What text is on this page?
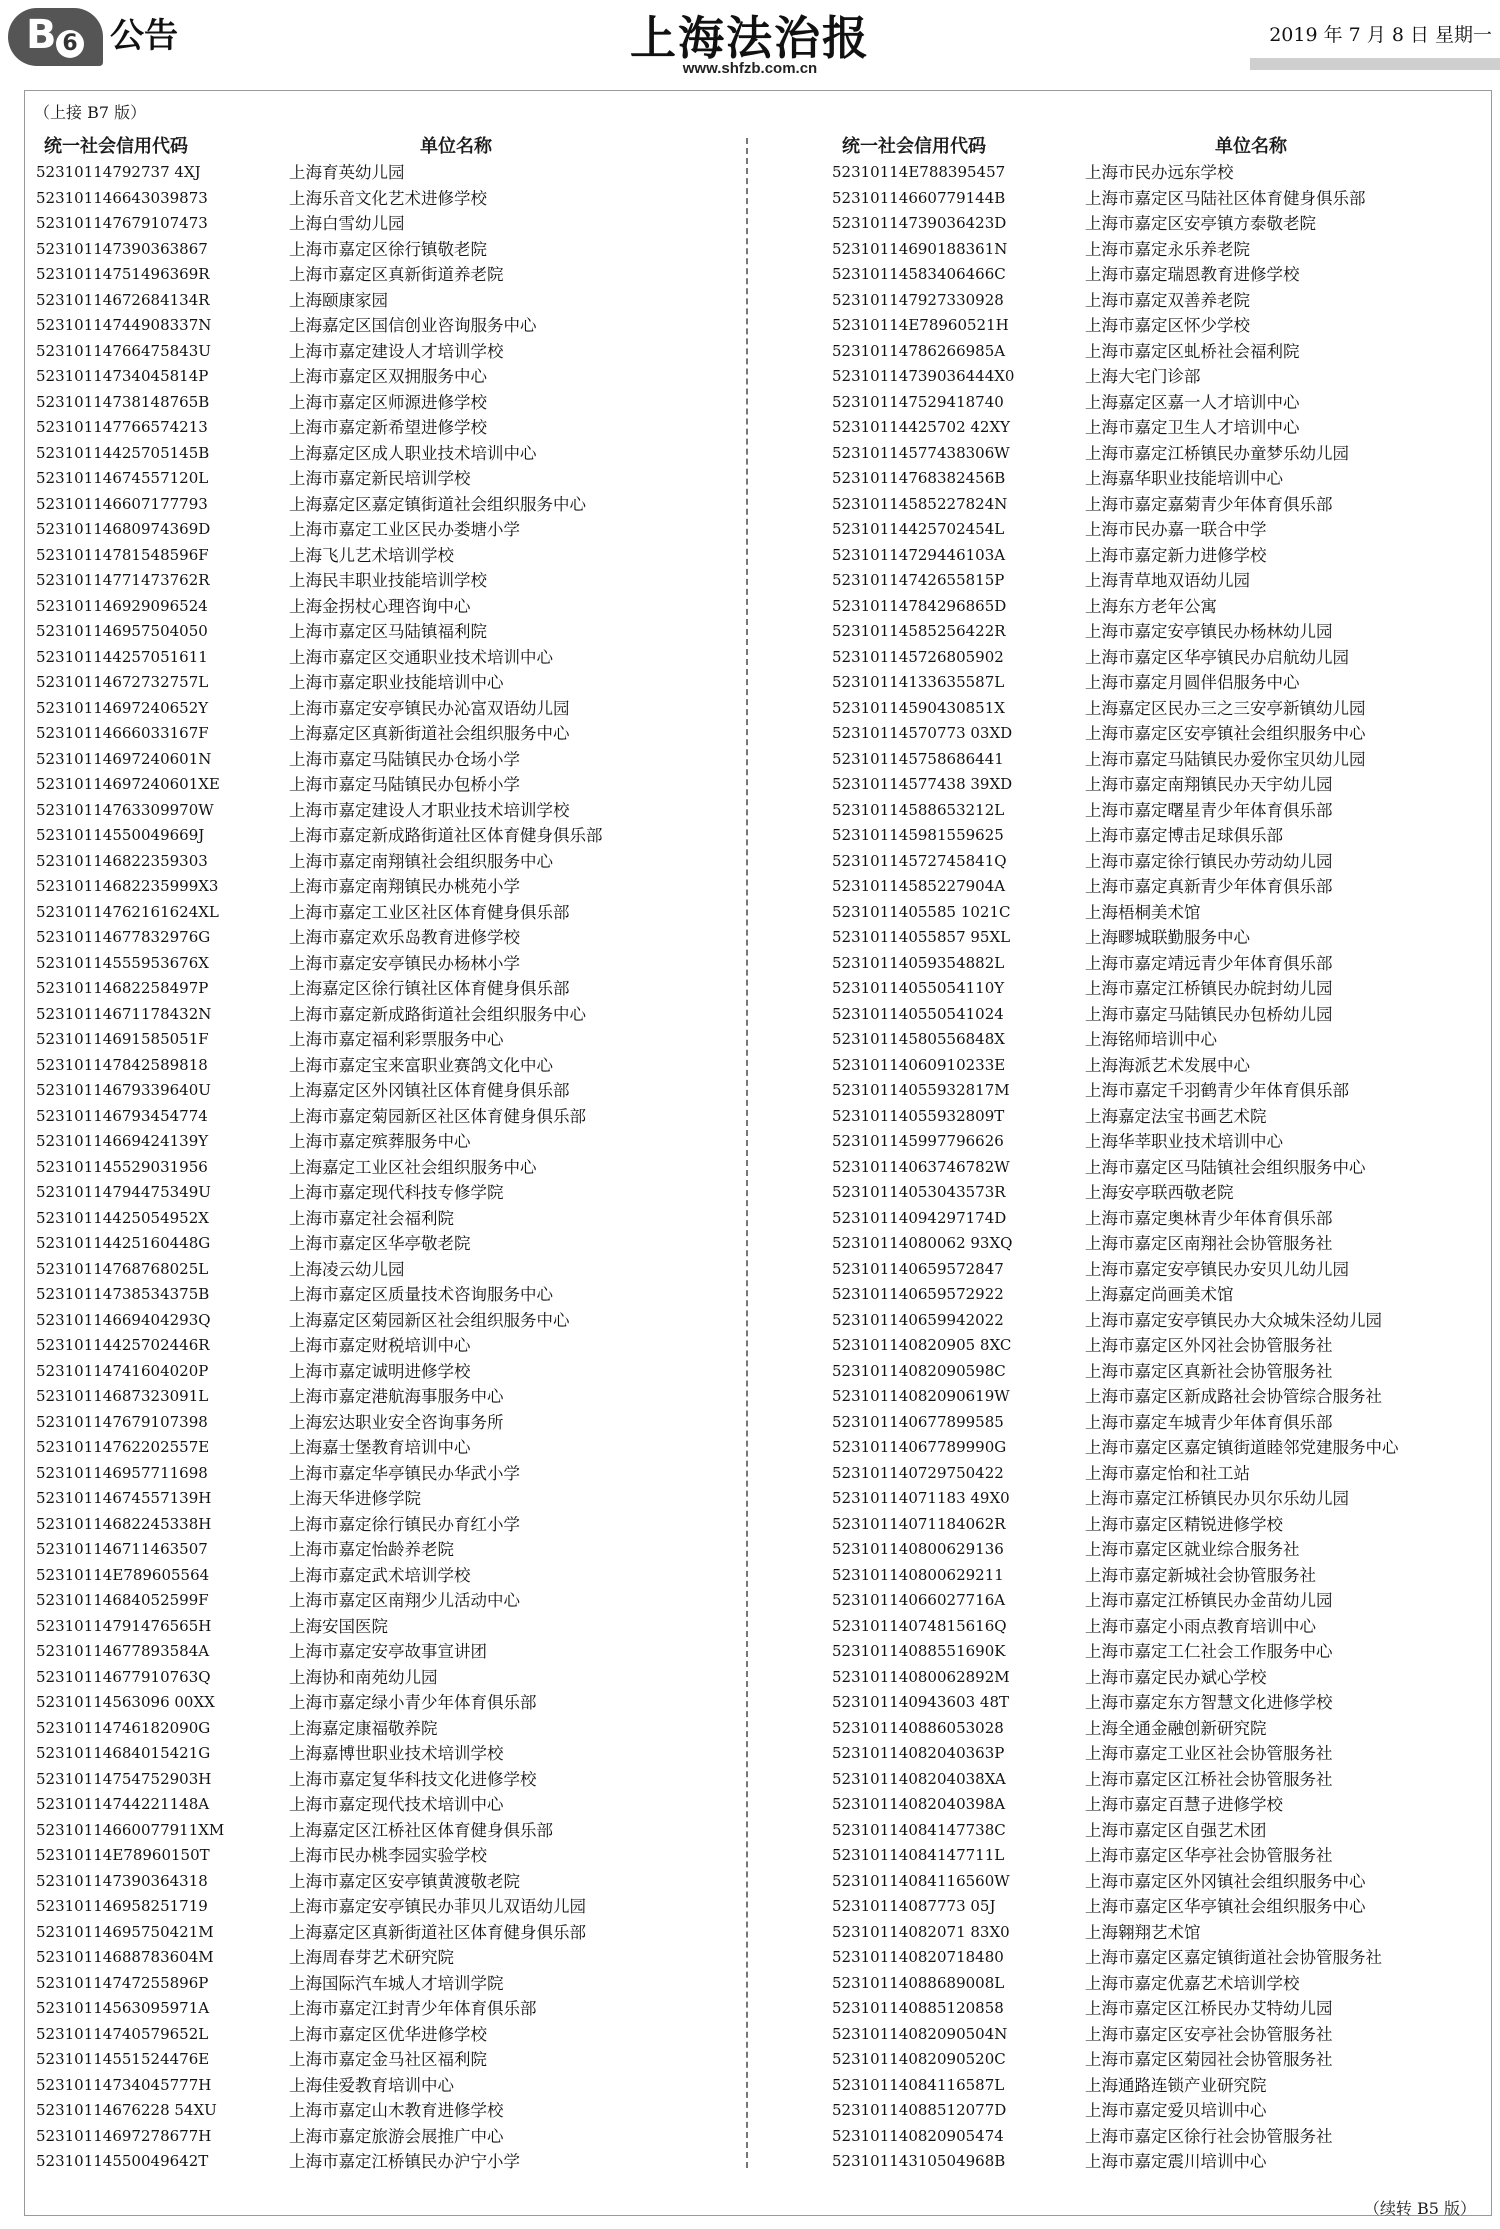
B 6 公告	上海法治报
www.shfzb.com.cn
2019 年 7 月 8 日 星期一
（上接 B7 版）
统一社会信用代码	单位名称	统一社会信用代码	单位名称
52310114792737 4XJ	上海育英幼儿园
523101146643039873	上海乐音文化艺术进修学校
523101147679107473	上海白雪幼儿园
523101147390363867	上海市嘉定区徐行镇敬老院
52310114751496369R	上海市嘉定区真新街道养老院
52310114672684134R	上海颐康家园
52310114744908337N	上海嘉定区国信创业咨询服务中心
52310114766475843U	上海市嘉定建设人才培训学校
52310114734045814P	上海市嘉定区双拥服务中心
52310114738148765B	上海市嘉定区师源进修学校
523101147766574213	上海市嘉定新希望进修学校
52310114425705145B	上海嘉定区成人职业技术培训中心
52310114674557120L	上海市嘉定新民培训学校
523101146607177793	上海嘉定区嘉定镇街道社会组织服务中心
52310114680974369D	上海市嘉定工业区民办娄塘小学
52310114781548596F	上海飞儿艺术培训学校
52310114771473762R	上海民丰职业技能培训学校
523101146929096524	上海金拐杖心理咨询中心
523101146957504050	上海市嘉定区马陆镇福利院
523101144257051611	上海市嘉定区交通职业技术培训中心
52310114672732757L	上海市嘉定职业技能培训中心
52310114697240652Y	上海市嘉定安亭镇民办沁富双语幼儿园
52310114666033167F	上海嘉定区真新街道社会组织服务中心
52310114697240601N	上海市嘉定马陆镇民办仓场小学
52310114697240601XE	上海市嘉定马陆镇民办包桥小学
52310114763309970W	上海市嘉定建设人才职业技术培训学校
52310114550049669J	上海市嘉定新成路街道社区体育健身俱乐部
523101146822359303	上海市嘉定南翔镇社会组织服务中心
52310114682235999X3	上海市嘉定南翔镇民办桃苑小学
52310114762161624XL	上海市嘉定工业区社区体育健身俱乐部
52310114677832976G	上海市嘉定欢乐岛教育进修学校
52310114555953676X	上海市嘉定安亭镇民办杨林小学
52310114682258497P	上海嘉定区徐行镇社区体育健身俱乐部
52310114671178432N	上海市嘉定新成路街道社会组织服务中心
52310114691585051F	上海市嘉定福利彩票服务中心
523101147842589818	上海市嘉定宝来富职业赛鸽文化中心
52310114679339640U	上海嘉定区外冈镇社区体育健身俱乐部
523101146793454774	上海市嘉定菊园新区社区体育健身俱乐部
52310114669424139Y	上海市嘉定殡葬服务中心
523101145529031956	上海嘉定工业区社会组织服务中心
52310114794475349U	上海市嘉定现代科技专修学院
52310114425054952X	上海市嘉定社会福利院
52310114425160448G	上海市嘉定区华亭敬老院
52310114768768025L	上海凌云幼儿园
52310114738534375B	上海市嘉定区质量技术咨询服务中心
52310114669404293Q	上海嘉定区菊园新区社会组织服务中心
52310114425702446R	上海市嘉定财税培训中心
52310114741604020P	上海市嘉定诚明进修学校
52310114687323091L	上海市嘉定港航海事服务中心
523101147679107398	上海宏达职业安全咨询事务所
52310114762202557E	上海嘉士堡教育培训中心
523101146957711698	上海市嘉定华亭镇民办华武小学
52310114674557139H	上海天华进修学院
52310114682245338H	上海市嘉定徐行镇民办育红小学
523101146711463507	上海市嘉定怡龄养老院
52310114E789605564	上海市嘉定武术培训学校
52310114684052599F	上海市嘉定区南翔少儿活动中心
52310114791476565H	上海安国医院
52310114677893584A	上海市嘉定安亭故事宣讲团
52310114677910763Q	上海协和南苑幼儿园
52310114563096 00XX	上海市嘉定绿小青少年体育俱乐部
52310114746182090G	上海嘉定康福敬养院
52310114684015421G	上海嘉博世职业技术培训学校
52310114754752903H	上海市嘉定复华科技文化进修学校
52310114744221148A	上海市嘉定现代技术培训中心
52310114660077911XM	上海嘉定区江桥社区体育健身俱乐部
52310114E78960150T	上海市民办桃李园实验学校
523101147390364318	上海市嘉定区安亭镇黄渡敬老院
523101146958251719	上海市嘉定安亭镇民办菲贝儿双语幼儿园
52310114695750421M	上海嘉定区真新街道社区体育健身俱乐部
52310114688783604M	上海周春芽艺术研究院
52310114747255896P	上海国际汽车城人才培训学院
52310114563095971A	上海市嘉定江封青少年体育俱乐部
52310114740579652L	上海市嘉定区优华进修学校
52310114551524476E	上海市嘉定金马社区福利院
52310114734045777H	上海佳爱教育培训中心
52310114676228 54XU	上海市嘉定山木教育进修学校
52310114697278677H	上海市嘉定旅游会展推广中心
52310114550049642T	上海市嘉定江桥镇民办沪宁小学
52310114E788395457	上海市民办远东学校
52310114660779144B	上海市嘉定区马陆社区体育健身俱乐部
52310114739036423D	上海市嘉定区安亭镇方泰敬老院
52310114690188361N	上海市嘉定永乐养老院
52310114583406466C	上海市嘉定瑞恩教育进修学校
523101147927330928	上海市嘉定双善养老院
52310114E78960521H	上海市嘉定区怀少学校
52310114786266985A	上海市嘉定区虬桥社会福利院
52310114739036444X0	上海大宅门诊部
523101147529418740	上海嘉定区嘉一人才培训中心
52310114425702 42XY	上海市嘉定卫生人才培训中心
52310114577438306W	上海市嘉定江桥镇民办童梦乐幼儿园
52310114768382456B	上海嘉华职业技能培训中心
52310114585227824N	上海市嘉定嘉菊青少年体育俱乐部
52310114425702454L	上海市民办嘉一联合中学
52310114729446103A	上海市嘉定新力进修学校
52310114742655815P	上海青草地双语幼儿园
52310114784296865D	上海东方老年公寓
52310114585256422R	上海市嘉定安亭镇民办杨林幼儿园
523101145726805902	上海市嘉定区华亭镇民办启航幼儿园
52310114133635587L	上海市嘉定月圆伴侣服务中心
52310114590430851X	上海嘉定区民办三之三安亭新镇幼儿园
52310114570773 03XD	上海市嘉定区安亭镇社会组织服务中心
523101145758686441	上海市嘉定马陆镇民办爱你宝贝幼儿园
52310114577438 39XD	上海市嘉定南翔镇民办天宇幼儿园
52310114588653212L	上海市嘉定曙星青少年体育俱乐部
523101145981559625	上海市嘉定博击足球俱乐部
52310114572745841Q	上海市嘉定徐行镇民办劳动幼儿园
52310114585227904A	上海市嘉定真新青少年体育俱乐部
5231011405585 1021C	上海梧桐美术馆
52310114055857 95XL	上海疁城联勤服务中心
52310114059354882L	上海市嘉定靖远青少年体育俱乐部
52310114055054110Y	上海市嘉定江桥镇民办皖封幼儿园
523101140550541024	上海市嘉定马陆镇民办包桥幼儿园
52310114580556848X	上海铭师培训中心
52310114060910233E	上海海派艺术发展中心
52310114055932817M	上海市嘉定千羽鹤青少年体育俱乐部
52310114055932809T	上海嘉定法宝书画艺术院
523101145997796626	上海华莘职业技术培训中心
52310114063746782W	上海市嘉定区马陆镇社会组织服务中心
52310114053043573R	上海安亭联西敬老院
52310114094297174D	上海市嘉定奥林青少年体育俱乐部
52310114080062 93XQ	上海市嘉定区南翔社会协管服务社
523101140659572847	上海市嘉定安亭镇民办安贝儿幼儿园
523101140659572922	上海嘉定尚画美术馆
523101140659942022	上海市嘉定安亭镇民办大众城朱泾幼儿园
523101140820905 8XC	上海市嘉定区外冈社会协管服务社
52310114082090598C	上海市嘉定区真新社会协管服务社
52310114082090619W	上海市嘉定区新成路社会协管综合服务社
523101140677899585	上海市嘉定车城青少年体育俱乐部
52310114067789990G	上海市嘉定区嘉定镇街道睦邻党建服务中心
523101140729750422	上海市嘉定怡和社工站
52310114071183 49X0	上海市嘉定江桥镇民办贝尔乐幼儿园
52310114071184062R	上海市嘉定区精锐进修学校
523101140800629136	上海市嘉定区就业综合服务社
523101140800629211	上海市嘉定新城社会协管服务社
52310114066027716A	上海市嘉定江桥镇民办金苗幼儿园
52310114074815616Q	上海市嘉定小雨点教育培训中心
52310114088551690K	上海市嘉定工仁社会工作服务中心
52310114080062892M	上海市嘉定民办斌心学校
523101140943603 48T	上海市嘉定东方智慧文化进修学校
523101140886053028	上海全通金融创新研究院
52310114082040363P	上海市嘉定工业区社会协管服务社
5231011408204038XA	上海市嘉定区江桥社会协管服务社
52310114082040398A	上海市嘉定百慧子进修学校
52310114084147738C	上海市嘉定区自强艺术团
52310114084147711L	上海市嘉定区华亭社会协管服务社
52310114084116560W	上海市嘉定区外冈镇社会组织服务中心
52310114087773 05J	上海市嘉定区华亭镇社会组织服务中心
52310114082071 83X0	上海翱翔艺术馆
523101140820718480	上海市嘉定区嘉定镇街道社会协管服务社
52310114088689008L	上海市嘉定优嘉艺术培训学校
523101140885120858	上海市嘉定区江桥民办艾特幼儿园
52310114082090504N	上海市嘉定区安亭社会协管服务社
52310114082090520C	上海市嘉定区菊园社会协管服务社
52310114084116587L	上海通路连锁产业研究院
52310114088512077D	上海市嘉定爱贝培训中心
523101140820905474	上海市嘉定区徐行社会协管服务社
52310114310504968B	上海市嘉定震川培训中心
（续转 B5 版）
